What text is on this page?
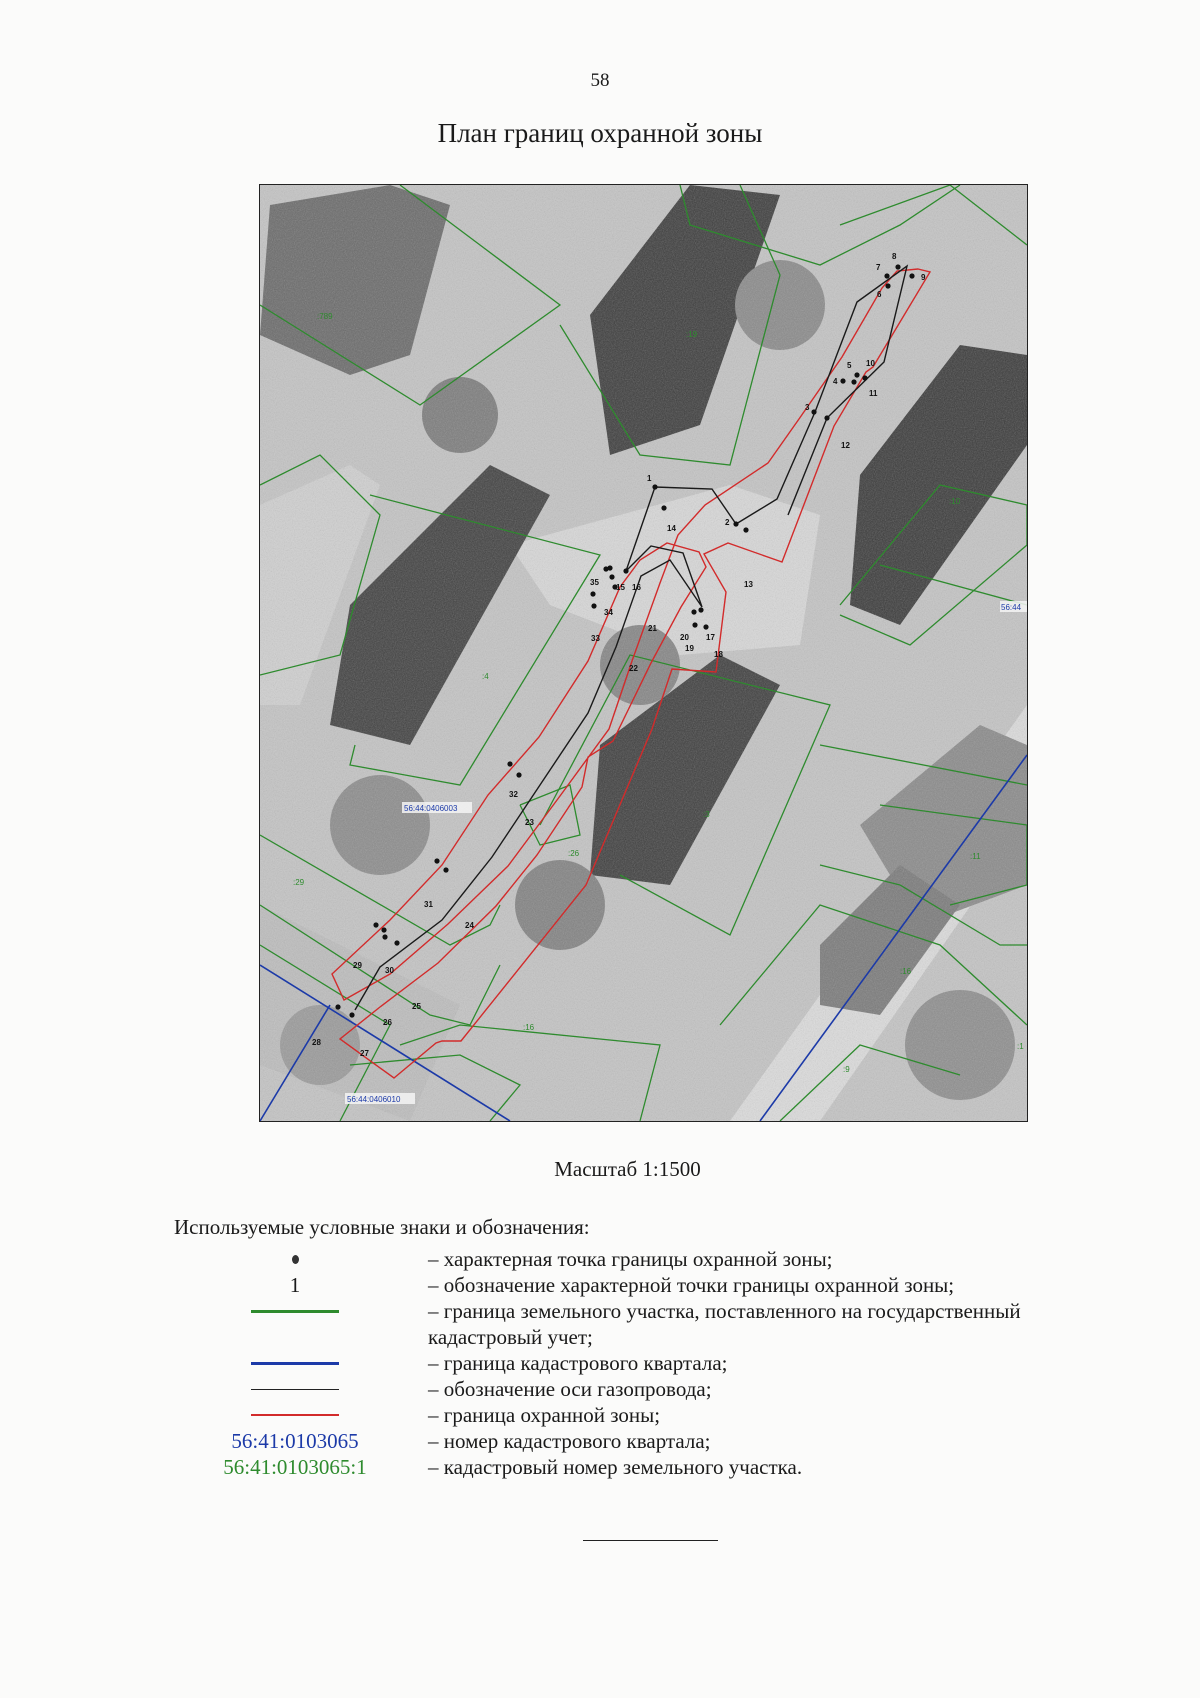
58
План границ охранной зоны
1
2
3
4
5
6
7
8
9
10
11
12
13
14
15 16
17
18
19
20
21
22
23
24
25
26
27
28
29
30
31
32
33
34
35
:789
:19
:10
:4
:3
:26
:29
:11
:16
:16
:9
:1
56:44:0406003
56:44:0406010
56:44
Масштаб 1:1500
Используемые условные знаки и обозначения:
– характерная точка границы охранной зоны;
1	– обозначение характерной точки границы охранной зоны;
– граница земельного участка, поставленного на государственный кадастровый учет;
– граница кадастрового квартала;
– обозначение оси газопровода;
– граница охранной зоны;
56:41:0103065	– номер кадастрового квартала;
56:41:0103065:1	– кадастровый номер земельного участка.
